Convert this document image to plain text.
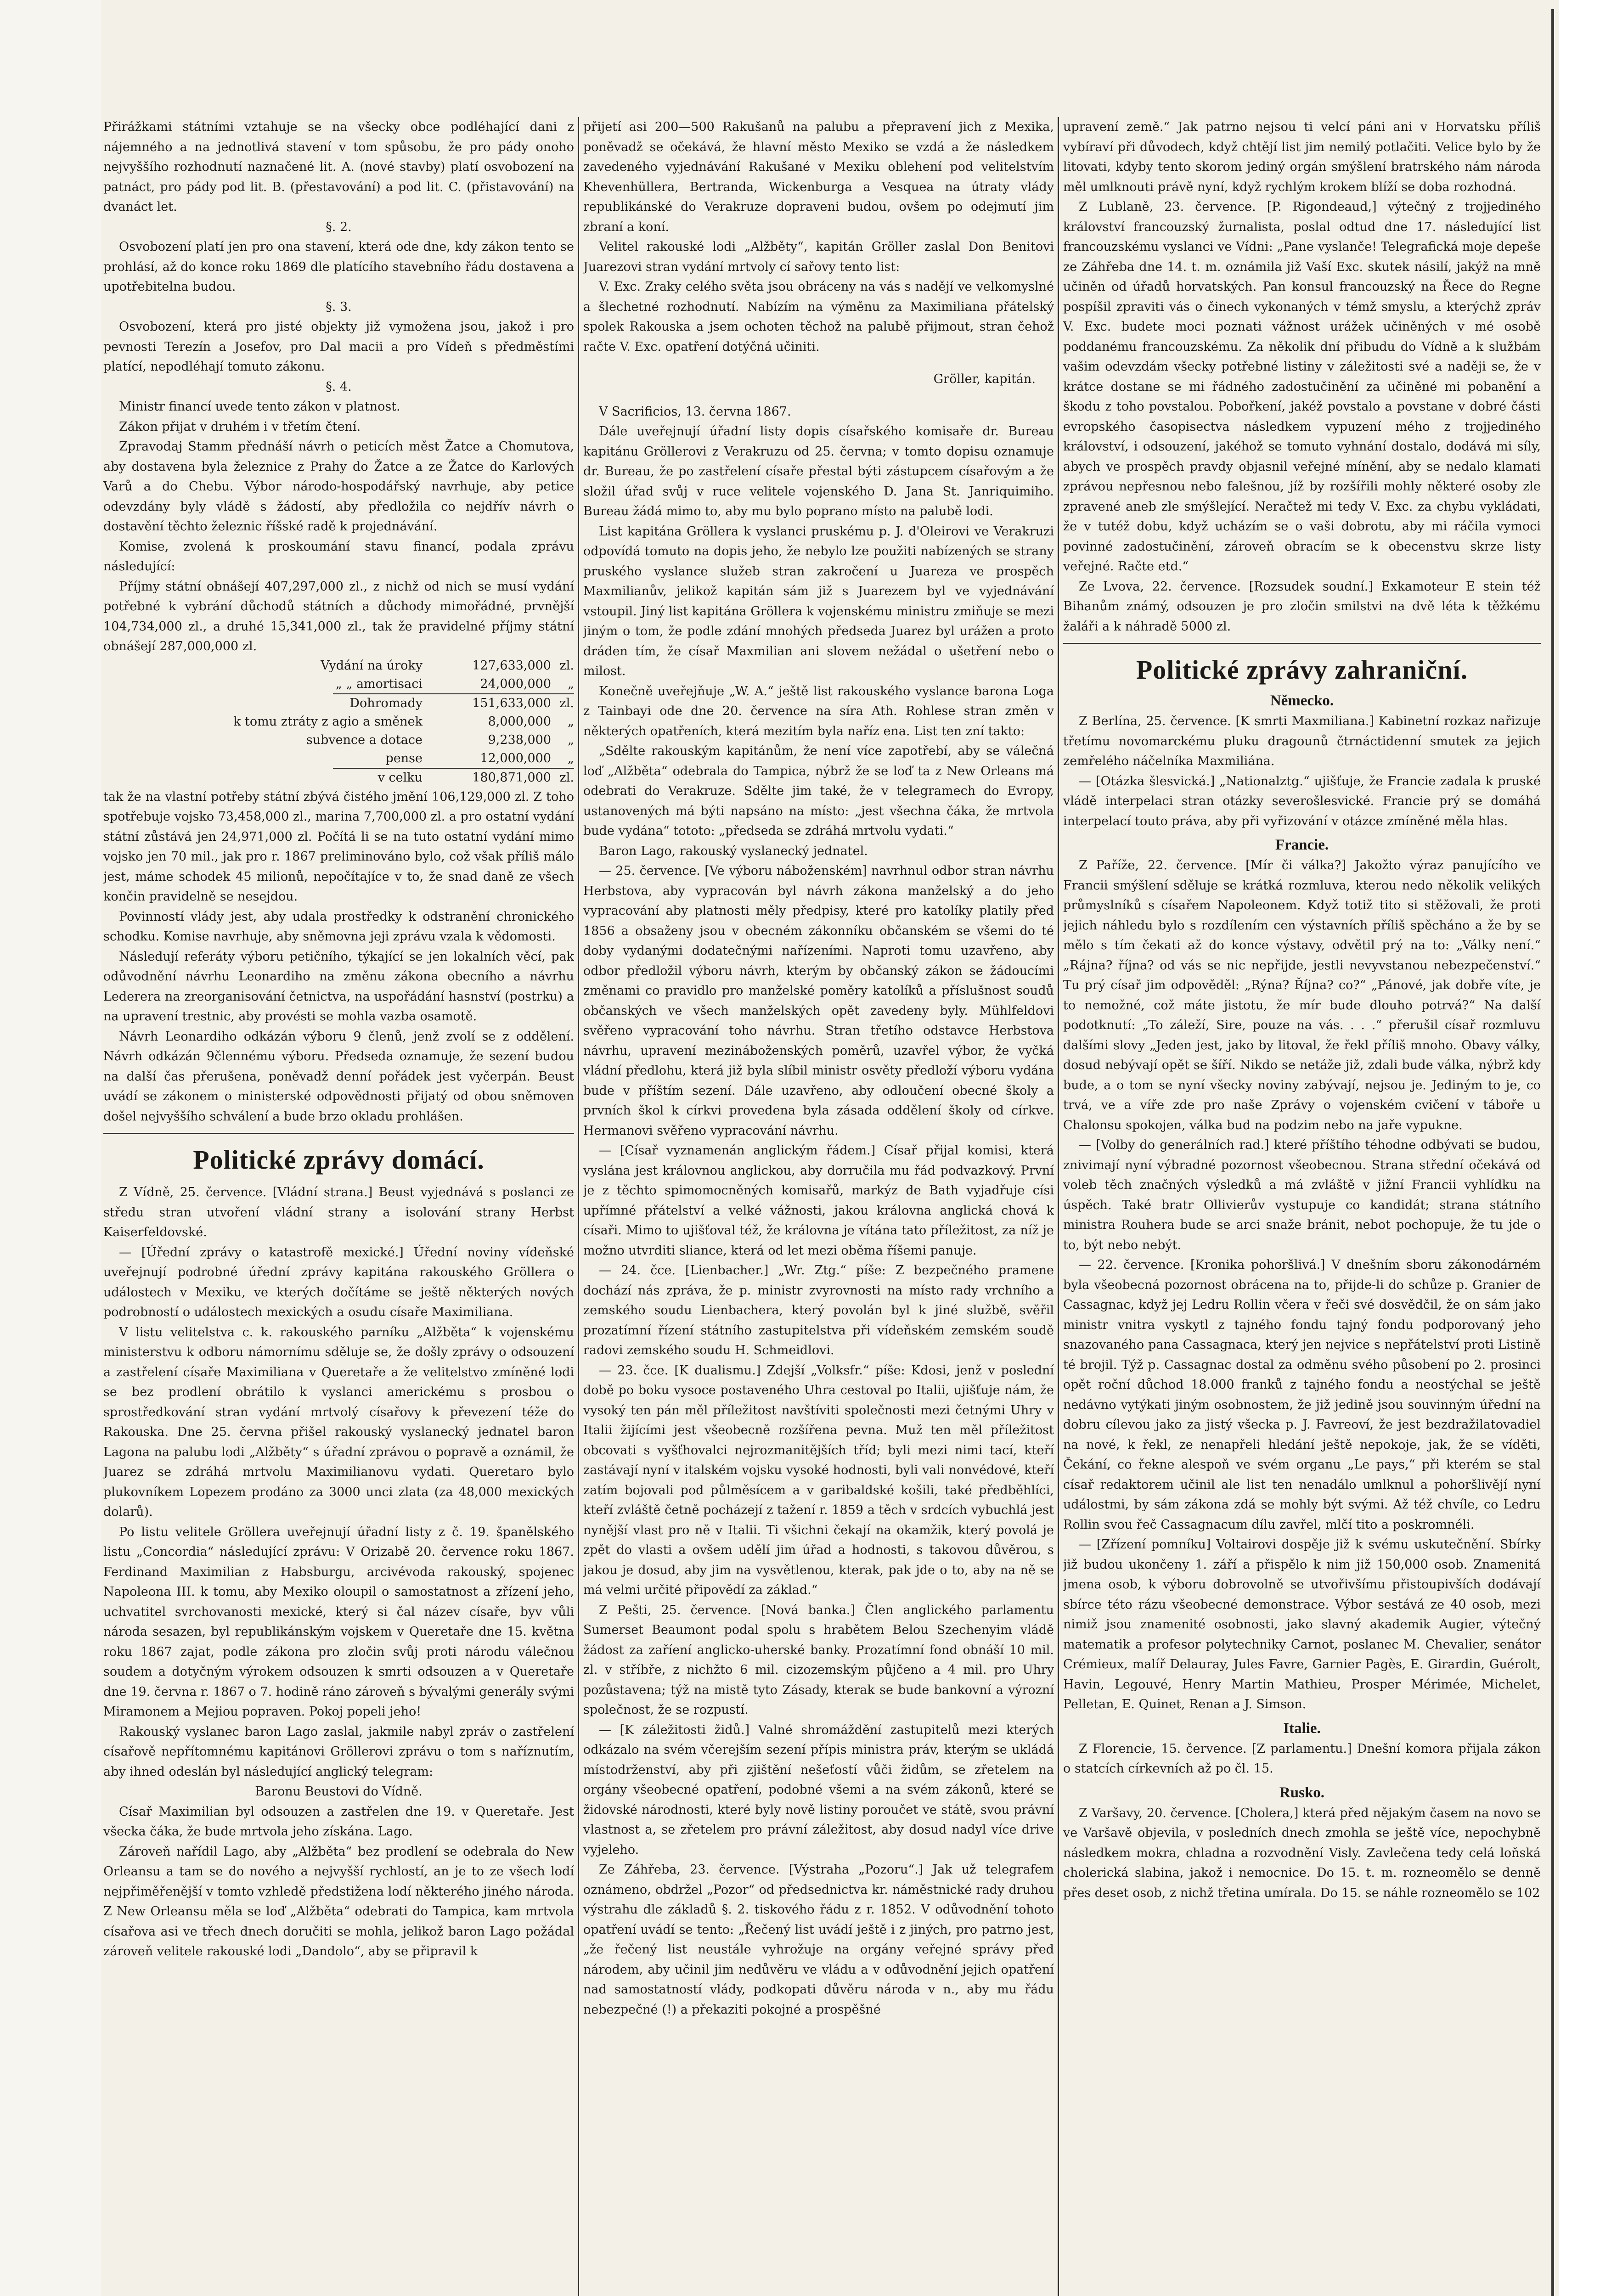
Přirážkami státními vztahuje se na všecky obce podléhající dani z nájemného a na jednotlivá stavení v tom spůsobu, že pro pády onoho nejvyššího rozhodnutí naznačené lit. A. (nové stavby) platí osvobození na patnáct, pro pády pod lit. B. (přestavování) a pod lit. C. (přistavování) na dvanáct let.

§. 2.

Osvobození platí jen pro ona stavení, která ode dne, kdy zákon tento se prohlásí, až do konce roku 1869 dle platícího stavebního řádu dostavena a upotřebitelna budou.

§. 3.

Osvobození, která pro jisté objekty již vymožena jsou, jakož i pro pevnosti Terezín a Josefov, pro Dal macii a pro Vídeň s předměstími platící, nepodléhají tomuto zákonu.

§. 4.

Ministr financí uvede tento zákon v platnost.

Zákon přijat v druhém i v třetím čtení.

Zpravodaj Stamm přednáší návrh o peticích měst Žatce a Chomutova, aby dostavena byla železnice z Prahy do Žatce a ze Žatce do Karlových Varů a do Chebu. Výbor národo-hospodářský navrhuje, aby petice odevzdány byly vládě s žádostí, aby předložila co nejdřív návrh o dostavění těchto železnic říšské radě k projednávání.

Komise, zvolená k proskoumání stavu financí, podala zprávu následující:

Příjmy státní obnášejí 407,297,000 zl., z nichž od nich se musí vydání potřebné k vybrání důchodů státních a důchody mimořádné, prvnější 104,734,000 zl., a druhé 15,341,000 zl., tak že pravidelné příjmy státní obnášejí 287,000,000 zl.

Vydání na úroky	127,633,000 zl.
„ „ amortisaci	24,000,000	„
Dohromady	151,633,000 zl.
k tomu ztráty z agio a směnek	8,000,000	„
subvence a dotace	9,238,000	„
pense	12,000,000	„
v celku	180,871,000 zl.

tak že na vlastní potřeby státní zbývá čistého jmění 106,129,000 zl. Z toho spotřebuje vojsko 73,458,000 zl., marina 7,700,000 zl. a pro ostatní vydání státní zůstává jen 24,971,000 zl. Počítá li se na tuto ostatní vydání mimo vojsko jen 70 mil., jak pro r. 1867 preliminováno bylo, což však příliš málo jest, máme schodek 45 milionů, nepočítajíce v to, že snad daně ze všech končin pravidelně se nesejdou.

Povinností vlády jest, aby udala prostředky k odstranění chronického schodku. Komise navrhuje, aby sněmovna jeji zprávu vzala k vědomosti.

Následují referáty výboru petičního, týkající se jen lokalních věcí, pak odůvodnění návrhu Leonardiho na změnu zákona obecního a návrhu Lederera na zreorganisování četnictva, na uspořádání hasnství (postrku) a na upravení trestnic, aby provésti se mohla vazba osamotě.

Návrh Leonardiho odkázán výboru 9 členů, jenž zvolí se z oddělení. Návrh odkázán 9člennému výboru. Předseda oznamuje, že sezení budou na další čas přerušena, poněvadž denní pořádek jest vyčerpán. Beust uvádí se zákonem o ministerské odpovědnosti přijatý od obou sněmoven došel nejvyššího schválení a bude brzo okladu prohlášen.

Politické zprávy domácí.

Z Vídně, 25. července. [Vládní strana.] Beust vyjednává s poslanci ze středu stran utvoření vládní strany a isolování strany Herbst Kaiserfeldovské.

— [Úřední zprávy o katastrofě mexické.] Úřední noviny vídeňské uveřejnují podrobné úřední zprávy kapitána rakouského Gröllera o událostech v Mexiku, ve kterých dočítáme se ještě některých nových podrobností o událostech mexických a osudu císaře Maximiliana.

V listu velitelstva c. k. rakouského parníku „Alžběta“ k vojenskému ministerstvu k odboru námornímu sděluje se, že došly zprávy o odsouzení a zastřelení císaře Maximiliana v Queretaře a že velitelstvo zmíněné lodi se bez prodlení obrátilo k vyslanci americkému s prosbou o sprostředkování stran vydání mrtvolý císařovy k převezení téže do Rakouska. Dne 25. června přišel rakouský vyslanecký jednatel baron Lagona na palubu lodi „Alžběty“ s úřadní zprávou o popravě a oznámil, že Juarez se zdráhá mrtvolu Maximilianovu vydati. Queretaro bylo plukovníkem Lopezem prodáno za 3000 unci zlata (za 48,000 mexických dolarů).

Po listu velitele Gröllera uveřejnují úřadní listy z č. 19. španělského listu „Concordia“ následující zprávu: V Orizabě 20. července roku 1867. Ferdinand Maximilian z Habsburgu, arcivévoda rakouský, spojenec Napoleona III. k tomu, aby Mexiko oloupil o samostatnost a zřízení jeho, uchvatitel svrchovanosti mexické, který si čal název císaře, byv vůli národa sesazen, byl republikánským vojskem v Queretaře dne 15. května roku 1867 zajat, podle zákona pro zločin svůj proti národu válečnou soudem a dotyčným výrokem odsouzen k smrti odsouzen a v Queretaře dne 19. června r. 1867 o 7. hodině ráno zároveň s bývalými generály svými Miramonem a Mejiou popraven. Pokoj popeli jeho!

Rakouský vyslanec baron Lago zaslal, jakmile nabyl zpráv o zastřelení císařově nepřítomnému kapitánovi Gröllerovi zprávu o tom s naříznutím, aby ihned odeslán byl následující anglický telegram:

Baronu Beustovi do Vídně.

Císař Maximilian byl odsouzen a zastřelen dne 19. v Queretaře. Jest všecka čáka, že bude mrtvola jeho získána. Lago.

Zároveň nařídil Lago, aby „Alžběta“ bez prodlení se odebrala do New Orleansu a tam se do nového a nejvyšší rychlostí, an je to ze všech lodí nejpřiměřenější v tomto vzhledě předstižena lodí některého jiného národa. Z New Orleansu měla se loď „Alžběta“ odebrati do Tampica, kam mrtvola císařova asi ve třech dnech doručiti se mohla, jelikož baron Lago požádal zároveň velitele rakouské lodi „Dandolo“, aby se připravil k

přijetí asi 200—500 Rakušanů na palubu a přepravení jich z Mexika, poněvadž se očekává, že hlavní město Mexiko se vzdá a že následkem zavedeného vyjednávání Rakušané v Mexiku oblehení pod velitelstvím Khevenhüllera, Bertranda, Wickenburga a Vesquea na útraty vlády republikánské do Verakruze dopraveni budou, ovšem po odejmutí jim zbraní a koní.

Velitel rakouské lodi „Alžběty“, kapitán Gröller zaslal Don Benitovi Juarezovi stran vydání mrtvoly cí sařovy tento list:

V. Exc. Zraky celého světa jsou obráceny na vás s nadějí ve velkomyslné a šlechetné rozhodnutí. Nabízím na výměnu za Maximiliana přátelský spolek Rakouska a jsem ochoten těchož na palubě přijmout, stran čehož račte V. Exc. opatření dotýčná učiniti.

Gröller, kapitán.

V Sacrificios, 13. června 1867.

Dále uveřejnují úřadní listy dopis císařského komisaře dr. Bureau kapitánu Gröllerovi z Verakruzu od 25. června; v tomto dopisu oznamuje dr. Bureau, že po zastřelení císaře přestal býti zástupcem císařovým a že složil úřad svůj v ruce velitele vojenského D. Jana St. Janriquimiho. Bureau žádá mimo to, aby mu bylo poprano místo na palubě lodi.

List kapitána Gröllera k vyslanci pruskému p. J. d'Oleirovi ve Verakruzi odpovídá tomuto na dopis jeho, že nebylo lze použiti nabízených se strany pruského vyslance služeb stran zakročení u Juareza ve prospěch Maxmilianův, jelikož kapitán sám již s Juarezem byl ve vyjednávání vstoupil. Jiný list kapitána Gröllera k vojenskému ministru zmiňuje se mezi jiným o tom, že podle zdání mnohých předseda Juarez byl urážen a proto dráden tím, že císař Maxmilian ani slovem nežádal o ušetření nebo o milost.

Konečně uveřejňuje „W. A.“ ještě list rakouského vyslance barona Loga z Tainbayi ode dne 20. července na síra Ath. Rohlese stran změn v některých opatřeních, která mezitím byla naříz ena. List ten zní takto:

„Sdělte rakouským kapitánům, že není více zapotřebí, aby se válečná loď „Alžběta“ odebrala do Tampica, nýbrž že se loď ta z New Orleans má odebrati do Verakruze. Sdělte jim také, že v telegramech do Evropy, ustanovených má býti napsáno na místo: „jest všechna čáka, že mrtvola bude vydána“ tototo: „předseda se zdráhá mrtvolu vydati.“

Baron Lago, rakouský vyslanecký jednatel.

— 25. července. [Ve výboru náboženském] navrhnul odbor stran návrhu Herbstova, aby vypracován byl návrh zákona manželský a do jeho vypracování aby platnosti měly předpisy, které pro katolíky platily před 1856 a obsaženy jsou v obecném zákonníku občanském se všemi do té doby vydanými dodatečnými nařízeními. Naproti tomu uzavřeno, aby odbor předložil výboru návrh, kterým by občanský zákon se žádoucími změnami co pravidlo pro manželské poměry katolíků a příslušnost soudů občanských ve všech manželských opět zavedeny byly. Mühlfeldovi svěřeno vypracování toho návrhu. Stran třetího odstavce Herbstova návrhu, upravení mezináboženských poměrů, uzavřel výbor, že vyčká vládní předlohu, která již byla slíbil ministr osvěty předloží výboru vydána bude v příštím sezení. Dále uzavřeno, aby odloučení obecné školy a prvních škol k církvi provedena byla zásada oddělení školy od církve. Hermanovi svěřeno vypracování návrhu.

— [Císař vyznamenán anglickým řádem.] Císař přijal komisi, která vyslána jest královnou anglickou, aby dorručila mu řád podvazkový. První je z těchto spimomocněných komisařů, markýz de Bath vyjadřuje císi upřímné přátelství a velké vážnosti, jakou královna anglická chová k císaři. Mimo to ujišťoval též, že královna je vítána tato příležitost, za níž je možno utvrditi sliance, která od let mezi oběma říšemi panuje.

— 24. čce. [Lienbacher.] „Wr. Ztg.“ píše: Z bezpečného pramene dochází nás zpráva, že p. ministr zvyrovnosti na místo rady vrchního a zemského soudu Lienbachera, který povolán byl k jiné službě, svěřil prozatímní řízení státního zastupitelstva při vídeňském zemském soudě radovi zemského soudu H. Schmeidlovi.

— 23. čce. [K dualismu.] Zdejší „Volksfr.“ píše: Kdosi, jenž v poslední době po boku vysoce postaveného Uhra cestoval po Italii, ujišťuje nám, že vysoký ten pán měl příležitost navštíviti společnosti mezi četnými Uhry v Italii žijícími jest všeobecně rozšířena pevna. Muž ten měl příležitost obcovati s vyšťhovalci nejrozmanitějších tříd; byli mezi nimi tací, kteří zastávají nyní v italském vojsku vysoké hodnosti, byli vali nonvédové, kteří zatím bojovali pod půlměsícem a v garibaldské košili, také předběhlíci, kteří zvláště četně pocházejí z tažení r. 1859 a těch v srdcích vybuchlá jest nynější vlast pro ně v Italii. Ti všichni čekají na okamžik, který povolá je zpět do vlasti a ovšem udělí jim úřad a hodnosti, s takovou důvěrou, s jakou je dosud, aby jim na vysvětlenou, kterak, pak jde o to, aby na ně se má velmi určité připovědí za základ.“

Z Pešti, 25. července. [Nová banka.] Člen anglického parlamentu Sumerset Beaumont podal spolu s hrabětem Belou Szechenyim vládě žádost za zaříení anglicko-uherské banky. Prozatímní fond obnáší 10 mil. zl. v stříbře, z nichžto 6 mil. cizozemským půjčeno a 4 mil. pro Uhry pozůstavena; týž na mistě tyto Zásady, kterak se bude bankovní a výrozní společnost, že se rozpustí.

— [K záležitosti židů.] Valné shromáždění zastupitelů mezi kterých odkázalo na svém včerejším sezení přípis ministra práv, kterým se ukládá místodrženství, aby při zjištění nešeťostí vůči židům, se zřetelem na orgány všeobecné opatření, podobné všemi a na svém zákonů, které se židovské národnosti, které byly nově listiny poroučet ve státě, svou právní vlastnost a, se zřetelem pro právní záležitost, aby dosud nadyl více drive vyjeleho.

Ze Záhřeba, 23. července. [Výstraha „Pozoru“.] Jak už telegrafem oznámeno, obdržel „Pozor“ od předsednictva kr. náměstnické rady druhou výstrahu dle základů §. 2. tiskového řádu z r. 1852. V odůvodnění tohoto opatření uvádí se tento: „Řečený list uvádí ještě i z jiných, pro patrno jest, „že řečený list neustále vyhrožuje na orgány veřejné správy před národem, aby učinil jim nedůvěru ve vládu a v odůvodnění jejich opatření nad samostatností vlády, podkopati důvěru národa v n., aby mu řádu nebezpečné (!) a překaziti pokojné a prospěšné

upravení země.“ Jak patrno nejsou ti velcí páni ani v Horvatsku příliš vybíraví při důvodech, když chtějí list jim nemilý potlačiti. Velice bylo by že litovati, kdyby tento skorom jediný orgán smýšlení bratrského nám národa měl umlknouti právě nyní, když rychlým krokem blíží se doba rozhodná.

Z Lublaně, 23. července. [P. Rigondeaud,] výtečný z trojjediného království francouzský žurnalista, poslal odtud dne 17. následující list francouzskému vyslanci ve Vídni: „Pane vyslanče! Telegrafická moje depeše ze Záhřeba dne 14. t. m. oznámila již Vaší Exc. skutek násilí, jakýž na mně učiněn od úřadů horvatských. Pan konsul francouzský na Řece do Regne pospíšil zpraviti vás o činech vykonaných v témž smyslu, a kterýchž zpráv V. Exc. budete moci poznati vážnost urážek učiněných v mé osobě poddanému francouzskému. Za několik dní přibudu do Vídně a k službám vašim odevzdám všecky potřebné listiny v záležitosti své a naději se, že v krátce dostane se mi řádného zadostučinění za učiněné mi pobanění a škodu z toho povstalou. Pobořkení, jakéž povstalo a povstane v dobré části evropského časopisectva následkem vypuzení mého z trojjediného království, i odsouzení, jakéhož se tomuto vyhnání dostalo, dodává mi síly, abych ve prospěch pravdy objasnil veřejné mínění, aby se nedalo klamati zprávou nepřesnou nebo falešnou, jíž by rozšířili mohly některé osoby zle zpravené aneb zle smýšlející. Neračtež mi tedy V. Exc. za chybu vykládati, že v tutéž dobu, když ucházím se o vaši dobrotu, aby mi ráčila vymoci povinné zadostučinění, zároveň obracím se k obecenstvu skrze listy veřejné. Račte etd.“

Ze Lvova, 22. července. [Rozsudek soudní.] Exkamoteur E stein též Bihanům známý, odsouzen je pro zločin smilstvi na dvě léta k těžkému žaláři a k náhradě 5000 zl.

Politické zprávy zahraniční.
Německo.

Z Berlína, 25. července. [K smrti Maxmiliana.] Kabinetní rozkaz nařizuje třetímu novomarckému pluku dragounů čtrnáctidenní smutek za jejich zemřelého náčelníka Maxmiliána.

— [Otázka šlesvická.] „Nationalztg.“ ujišťuje, že Francie zadala k pruské vládě interpelaci stran otázky severošlesvické. Francie prý se domáhá interpelací touto práva, aby při vyřizování v otázce zmíněné měla hlas.

Francie.

Z Paříže, 22. července. [Mír či válka?] Jakožto výraz panujícího ve Francii smýšlení sděluje se krátká rozmluva, kterou nedo několik velikých průmyslníků s císařem Napoleonem. Když totiž tito si stěžovali, že proti jejich náhledu bylo s rozdílením cen výstavních příliš spěcháno a že by se mělo s tím čekati až do konce výstavy, odvětil prý na to: „Války není.“ „Rájna? října? od vás se nic nepřijde, jestli nevyvstanou nebezpečenství.“ Tu prý císař jim odpověděl: „Rýna? Října? co?“ „Pánové, jak dobře víte, je to nemožné, což máte jistotu, že mír bude dlouho potrvá?“ Na další podotknutí: „To záleží, Sire, pouze na vás. . . .“ přerušil císař rozmluvu dalšími slovy „Jeden jest, jako by litoval, že řekl příliš mnoho. Obavy války, dosud nebývají opět se šíří. Nikdo se netáže již, zdali bude válka, nýbrž kdy bude, a o tom se nyní všecky noviny zabývají, nejsou je. Jediným to je, co trvá, ve a víře zde pro naše Zprávy o vojenském cvičení v táboře u Chalonsu spokojen, válka bud na podzim nebo na jaře vypukne.

— [Volby do generálních rad.] které příštího téhodne odbývati se budou, znivimají nyní výbradné pozornost všeobecnou. Strana střední očekává od voleb těch značných výsledků a má zvláště v jižní Francii vyhlídku na úspěch. Také bratr Ollivierův vystupuje co kandidát; strana státního ministra Rouhera bude se arci snaže bránit, nebot pochopuje, že tu jde o to, být nebo nebýt.

— 22. července. [Kronika pohoršlivá.] V dnešním sboru zákonodárném byla všeobecná pozornost obrácena na to, přijde-li do schůze p. Granier de Cassagnac, když jej Ledru Rollin včera v řeči své dosvědčil, že on sám jako ministr vnitra vyskytl z tajného fondu tajný fondu podporovaný jeho snazovaného pana Cassagnaca, který jen nejvice s nepřátelství proti Listině té brojil. Týž p. Cassagnac dostal za odměnu svého působení po 2. prosinci opět roční důchod 18.000 franků z tajného fondu a neostýchal se ještě nedávno vytýkati jiným osobnostem, že již jedině jsou souvinným úřední na dobru cílevou jako za jistý všecka p. J. Favreoví, že jest bezdražilatovadiel na nové, k řekl, ze nenapřeli hledání ještě nepokoje, jak, že se víděti, Čekání, co řekne alespoň ve svém organu „Le pays,“ při kterém se stal císař redaktorem učinil ale list ten nenadálo umlknul a pohoršlivějí nyní událostmi, by sám zákona zdá se mohly být svými. Až též chvíle, co Ledru Rollin svou řeč Cassagnacum dílu zavřel, mlčí tito a poskromnéli.

— [Zřízení pomníku] Voltairovi dospěje již k svému uskutečnění. Sbírky již budou ukončeny 1. září a přispělo k nim již 150,000 osob. Znamenitá jmena osob, k výboru dobrovolně se utvořivšímu přistoupivších dodávají sbírce této rázu všeobecné demonstrace. Výbor sestává ze 40 osob, mezi nimiž jsou znamenité osobnosti, jako slavný akademik Augier, výtečný matematik a profesor polytechniky Carnot, poslanec M. Chevalier, senátor Crémieux, malíř Delauray, Jules Favre, Garnier Pagès, E. Girardin, Guérolt, Havin, Legouvé, Henry Martin Mathieu, Prosper Mérimée, Michelet, Pelletan, E. Quinet, Renan a J. Simson.

Italie.

Z Florencie, 15. července. [Z parlamentu.] Dnešní komora přijala zákon o statcích církevních až po čl. 15.

Rusko.

Z Varšavy, 20. července. [Cholera,] která před nějakým časem na novo se ve Varšavě objevila, v posledních dnech zmohla se ještě více, nepochybně následkem mokra, chladna a rozvodnění Visly. Zavlečena tedy celá loňská cholerická slabina, jakož i nemocnice. Do 15. t. m. rozneomělo se denně přes deset osob, z nichž třetina umírala. Do 15. se náhle rozneomělo se 102
